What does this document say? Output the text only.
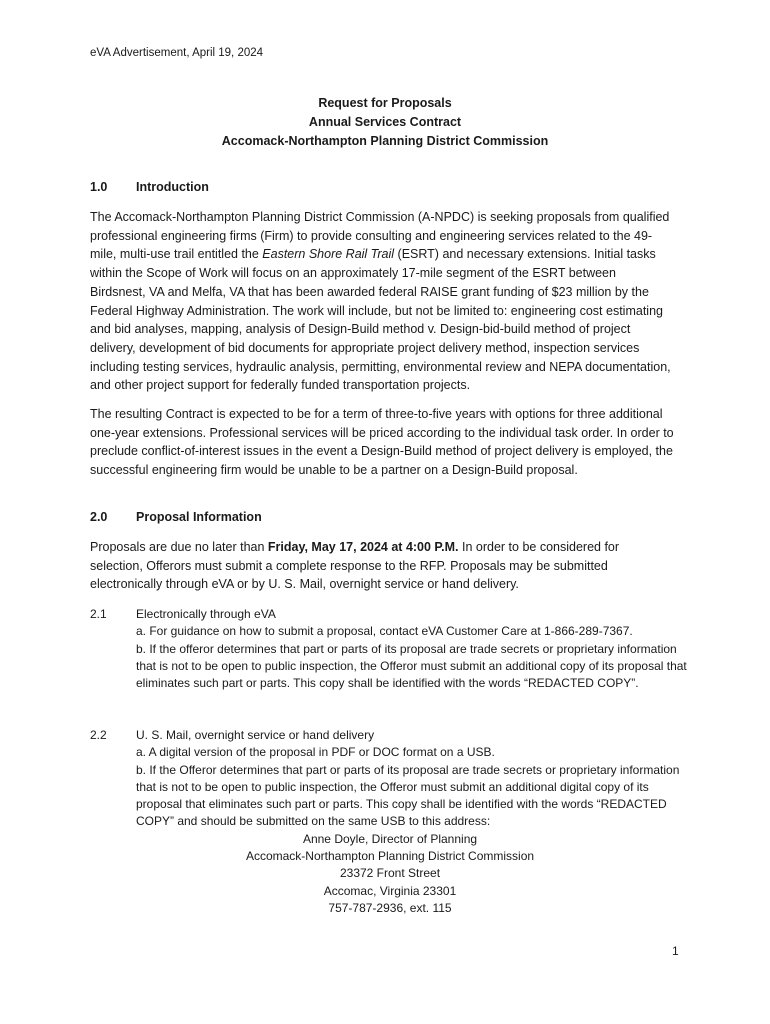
eVA Advertisement, April 19, 2024
Request for Proposals
Annual Services Contract
Accomack-Northampton Planning District Commission
1.0 Introduction
The Accomack-Northampton Planning District Commission (A-NPDC) is seeking proposals from qualified professional engineering firms (Firm) to provide consulting and engineering services related to the 49-mile, multi-use trail entitled the Eastern Shore Rail Trail (ESRT) and necessary extensions. Initial tasks within the Scope of Work will focus on an approximately 17-mile segment of the ESRT between Birdsnest, VA and Melfa, VA that has been awarded federal RAISE grant funding of $23 million by the Federal Highway Administration. The work will include, but not be limited to: engineering cost estimating and bid analyses, mapping, analysis of Design-Build method v. Design-bid-build method of project delivery, development of bid documents for appropriate project delivery method, inspection services including testing services, hydraulic analysis, permitting, environmental review and NEPA documentation, and other project support for federally funded transportation projects.
The resulting Contract is expected to be for a term of three-to-five years with options for three additional one-year extensions. Professional services will be priced according to the individual task order. In order to preclude conflict-of-interest issues in the event a Design-Build method of project delivery is employed, the successful engineering firm would be unable to be a partner on a Design-Build proposal.
2.0 Proposal Information
Proposals are due no later than Friday, May 17, 2024 at 4:00 P.M. In order to be considered for selection, Offerors must submit a complete response to the RFP. Proposals may be submitted electronically through eVA or by U. S. Mail, overnight service or hand delivery.
2.1 Electronically through eVA
a. For guidance on how to submit a proposal, contact eVA Customer Care at 1-866-289-7367.
b. If the offeror determines that part or parts of its proposal are trade secrets or proprietary information that is not to be open to public inspection, the Offeror must submit an additional copy of its proposal that eliminates such part or parts. This copy shall be identified with the words “REDACTED COPY”.
2.2 U. S. Mail, overnight service or hand delivery
a. A digital version of the proposal in PDF or DOC format on a USB.
b. If the Offeror determines that part or parts of its proposal are trade secrets or proprietary information that is not to be open to public inspection, the Offeror must submit an additional digital copy of its proposal that eliminates such part or parts. This copy shall be identified with the words “REDACTED COPY” and should be submitted on the same USB to this address:
Anne Doyle, Director of Planning
Accomack-Northampton Planning District Commission
23372 Front Street
Accomac, Virginia 23301
757-787-2936, ext. 115
1
